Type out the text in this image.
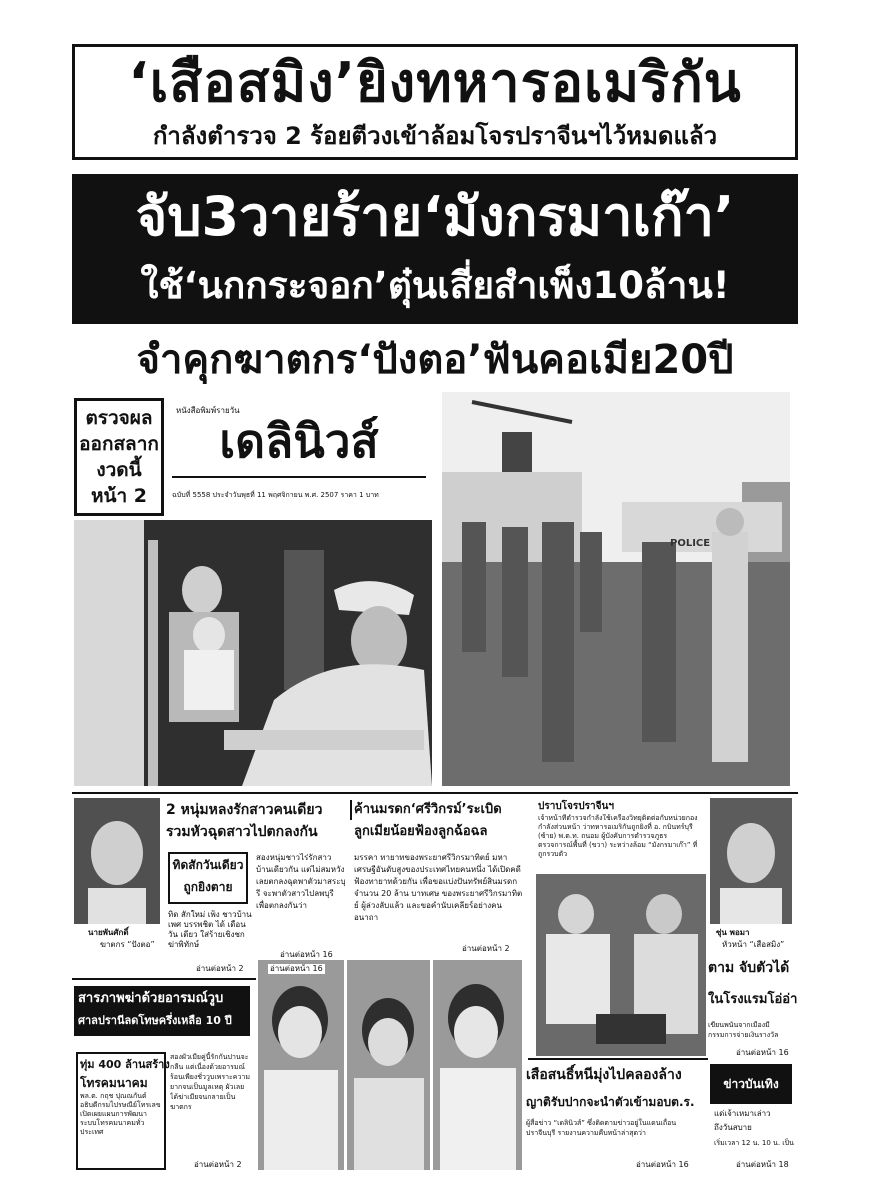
‘เสือสมิง’ยิงทหารอเมริกัน
กำลังตำรวจ 2 ร้อยตีวงเข้าล้อมโจรปราจีนฯไว้หมดแล้ว
จับ3วายร้าย‘มังกรมาเก๊า’
ใช้‘นกกระจอก’ตุ๋นเสี่ยสำเพ็ง10ล้าน!
จำคุกฆาตกร‘ปังตอ’ฟันคอเมีย20ปี
ตรวจผล
ออกสลาก
งวดนี้
หน้า 2
หนังสือพิมพ์รายวัน
เดลินิวส์
ฉบับที่ 5558 ประจำวันพุธที่ 11 พฤศจิกายน พ.ศ. 2507 ราคา 1 บาท
POLICE
นายพันศักดิ์
ฆาตกร “ปังตอ”
2 หนุ่มหลงรักสาวคนเดียว
รวมหัวฉุดสาวไปตกลงกัน
ทิดสักวันเดียว
ถูกยิงตาย
ทิด สักใหม่ เพ็ง ชาวบ้าน เพศ บรรพชิต ได้ เดือน วัน เดียว ใส่ร้ายเชิงชกฆ่าพิทักษ์
อ่านต่อหน้า 2
สองหนุ่มชาวไร่รักสาวบ้านเดียวกัน แต่ไม่สมหวัง เลยตกลงฉุดพาตัวมาสระบุรี จะพาตัวสาวไปลพบุรี เพื่อตกลงกันว่า
อ่านต่อหน้า 16
ค้านมรดก‘ศรีวิกรม์’ระเบิด
ลูกเมียน้อยฟ้องลูกฉ้อฉล
มรรคา ทายาทของพระยาศรีวิกรมาทิตย์ มหาเศรษฐีอันดับสูงของประเทศไทยคนหนึ่ง ได้เปิดคดีฟ้องทายาทด้วยกัน เพื่อขอแบ่งปันทรัพย์สินมรดกจำนวน 20 ล้าน บาทเศษ ของพระยาศรีวิกรมาทิตย์ ผู้ล่วงลับแล้ว และขอคำนับเคลียร์อย่างคนอนาถา
อ่านต่อหน้า 2
ปราบโจรปราจีนฯ
เจ้าหน้าที่ตำรวจกำลังใช้เครื่องวิทยุติดต่อกับหน่วยกองกำลังส่วนหน้า ว่าทหารอเมริกันถูกยิงที่ อ. กบินทร์บุรี (ซ้าย) พ.ต.ท. ถนอม ผู้บังคับการตำรวจภูธร ตรวจการณ์พื้นที่ (ขวา) ระหว่างล้อม “มังกรมาเก๊า” ที่ถูกรวบตัว
ซุ่น พอมา
หัวหน้า “เสือสมิง”
ตาม จับตัวได้
ในโรงแรมโอ่อ่า
เขียนพนันจากเมืองมีกรรมการจ่ายเงินรางวัล
อ่านต่อหน้า 16
สารภาพฆ่าด้วยอารมณ์วูบ
ศาลปรานีลดโทษครึ่งเหลือ 10 ปี
ทุ่ม 400 ล้านสร้าง
โทรคมนาคม
พล.ต. กฤช ปุณณกันต์ อธิบดีกรมไปรษณีย์โทรเลข เปิดเผยแผนการพัฒนาระบบโทรคมนาคมทั่วประเทศ
สองผัวเมียคู่นี้รักกันปานจะกลืน แต่เนื่องด้วยอารมณ์ร้อนเพียงชั่ววูบเพราะความยากจนเป็นมูลเหตุ ผัวเลยได้ฆ่าเมียจนกลายเป็นฆาตกร
อ่านต่อหน้า 2
อ่านต่อหน้า 16
เสือสนธิ์หนีมุ่งไปคลองล้าง
ญาติรับปากจะนำตัวเข้ามอบต.ร.
ผู้สื่อข่าว “เดลินิวส์” ซึ่งติดตามข่าวอยู่ในแดนเถื่อน ปราจีนบุรี รายงานความคืบหน้าล่าสุดว่า
อ่านต่อหน้า 16
ข่าวบันเทิง
แด่เจ้าเหมาเล่าว
ถึงวันสบาย
เริ่มเวลา 12 น. 10 น. เป็น
อ่านต่อหน้า 18
